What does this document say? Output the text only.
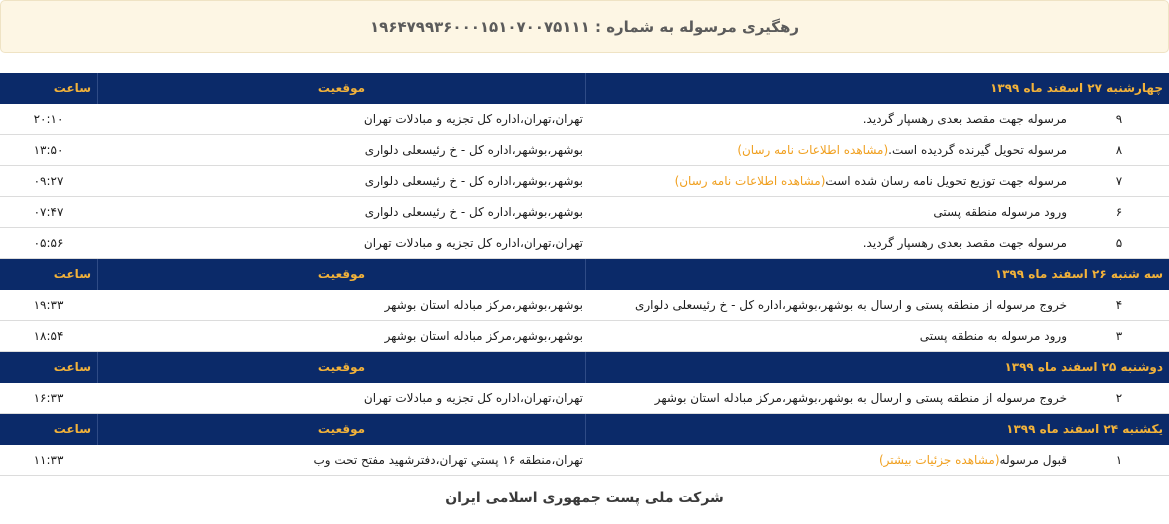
رهگیری مرسوله به شماره : ۱۹۶۴۷۹۹۳۶۰۰۰۱۵۱۰۷۰۰۷۵۱۱۱
چهارشنبه ۲۷ اسفند ماه ۱۳۹۹
موقعیت
ساعت
۹
مرسوله جهت مقصد بعدی رهسپار گردید.
تهران،تهران،اداره کل تجزیه و مبادلات تهران
۲۰:۱۰
۸
مرسوله تحویل گیرنده گردیده است.(مشاهده اطلاعات نامه رسان)
بوشهر،بوشهر،اداره کل - خ رئیسعلی دلواری
۱۳:۵۰
۷
مرسوله جهت توزیع تحویل نامه رسان شده است(مشاهده اطلاعات نامه رسان)
بوشهر،بوشهر،اداره کل - خ رئیسعلی دلواری
۰۹:۲۷
۶
ورود مرسوله منطقه پستی
بوشهر،بوشهر،اداره کل - خ رئیسعلی دلواری
۰۷:۴۷
۵
مرسوله جهت مقصد بعدی رهسپار گردید.
تهران،تهران،اداره کل تجزیه و مبادلات تهران
۰۵:۵۶
سه شنبه ۲۶ اسفند ماه ۱۳۹۹
موقعیت
ساعت
۴
خروج مرسوله از منطقه پستی و ارسال به بوشهر،بوشهر،اداره کل - خ رئیسعلی دلواری
بوشهر،بوشهر،مرکز مبادله استان بوشهر
۱۹:۳۳
۳
ورود مرسوله به منطقه پستی
بوشهر،بوشهر،مرکز مبادله استان بوشهر
۱۸:۵۴
دوشنبه ۲۵ اسفند ماه ۱۳۹۹
موقعیت
ساعت
۲
خروج مرسوله از منطقه پستی و ارسال به بوشهر،بوشهر،مرکز مبادله استان بوشهر
تهران،تهران،اداره کل تجزیه و مبادلات تهران
۱۶:۳۳
یکشنبه ۲۴ اسفند ماه ۱۳۹۹
موقعیت
ساعت
۱
قبول مرسوله(مشاهده جزئیات بیشتر)
تهران،منطقه ۱۶ پستي تهران،دفترشهید مفتح تحت وب
۱۱:۳۳
شرکت ملی پست جمهوری اسلامی ایران
